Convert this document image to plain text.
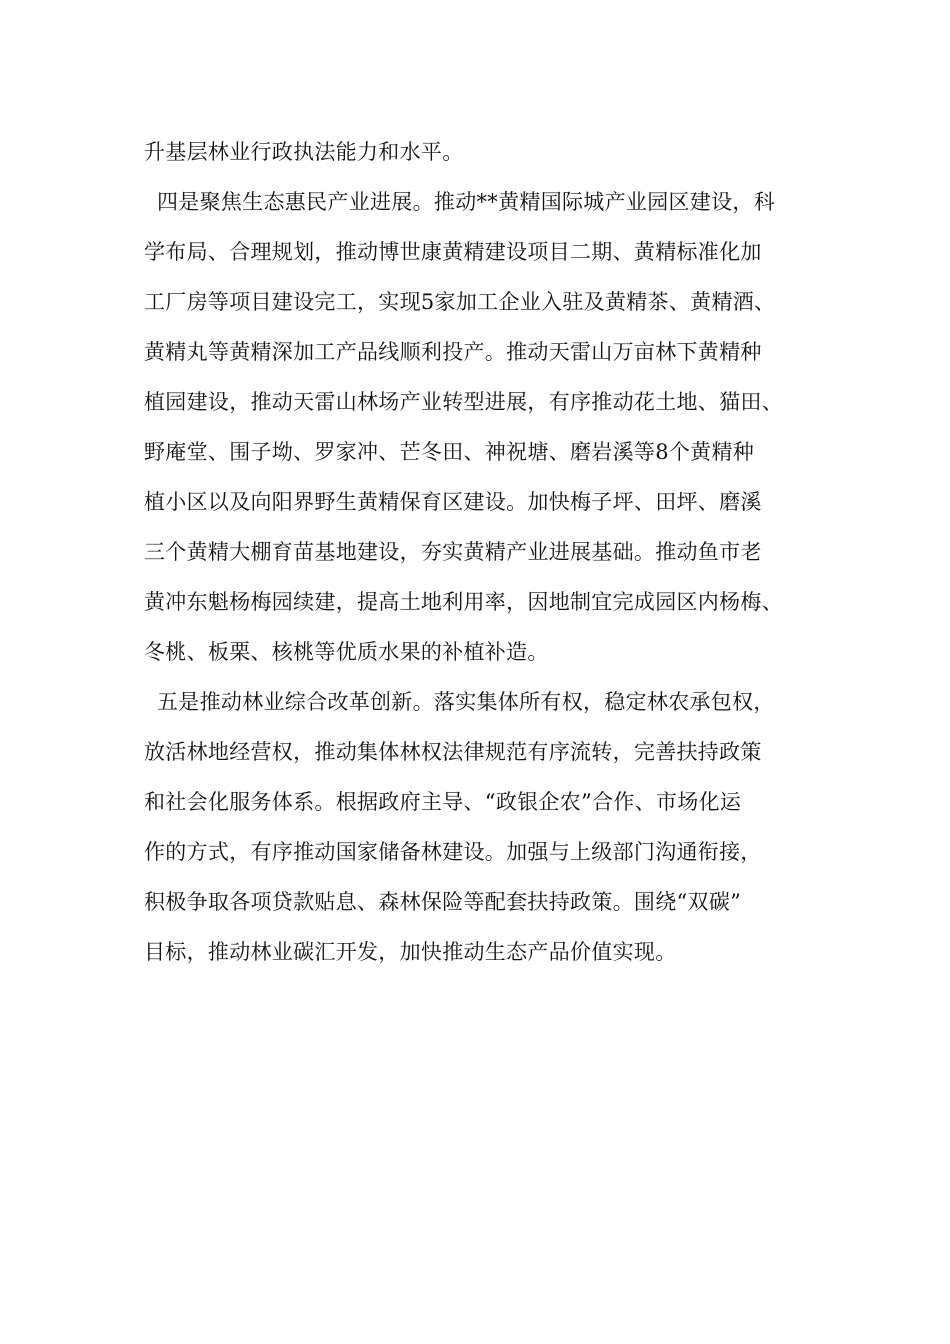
升基层林业行政执法能力和水平。
四是聚焦生态惠民产业进展。推动**黄精国际城产业园区建设，科
学布局、合理规划，推动博世康黄精建设项目二期、黄精标准化加
工厂房等项目建设完工，实现5家加工企业入驻及黄精茶、黄精酒、
黄精丸等黄精深加工产品线顺利投产。推动天雷山万亩林下黄精种
植园建设，推动天雷山林场产业转型进展，有序推动花土地、猫田、
野庵堂、围子坳、罗家冲、芒冬田、神祝塘、磨岩溪等8个黄精种
植小区以及向阳界野生黄精保育区建设。加快梅子坪、田坪、磨溪
三个黄精大棚育苗基地建设，夯实黄精产业进展基础。推动鱼市老
黄冲东魁杨梅园续建，提高土地利用率，因地制宜完成园区内杨梅、
冬桃、板栗、核桃等优质水果的补植补造。
五是推动林业综合改革创新。落实集体所有权，稳定林农承包权，
放活林地经营权，推动集体林权法律规范有序流转，完善扶持政策
和社会化服务体系。根据政府主导、“政银企农”合作、市场化运
作的方式，有序推动国家储备林建设。加强与上级部门沟通衔接，
积极争取各项贷款贴息、森林保险等配套扶持政策。围绕“双碳”
目标，推动林业碳汇开发，加快推动生态产品价值实现。
